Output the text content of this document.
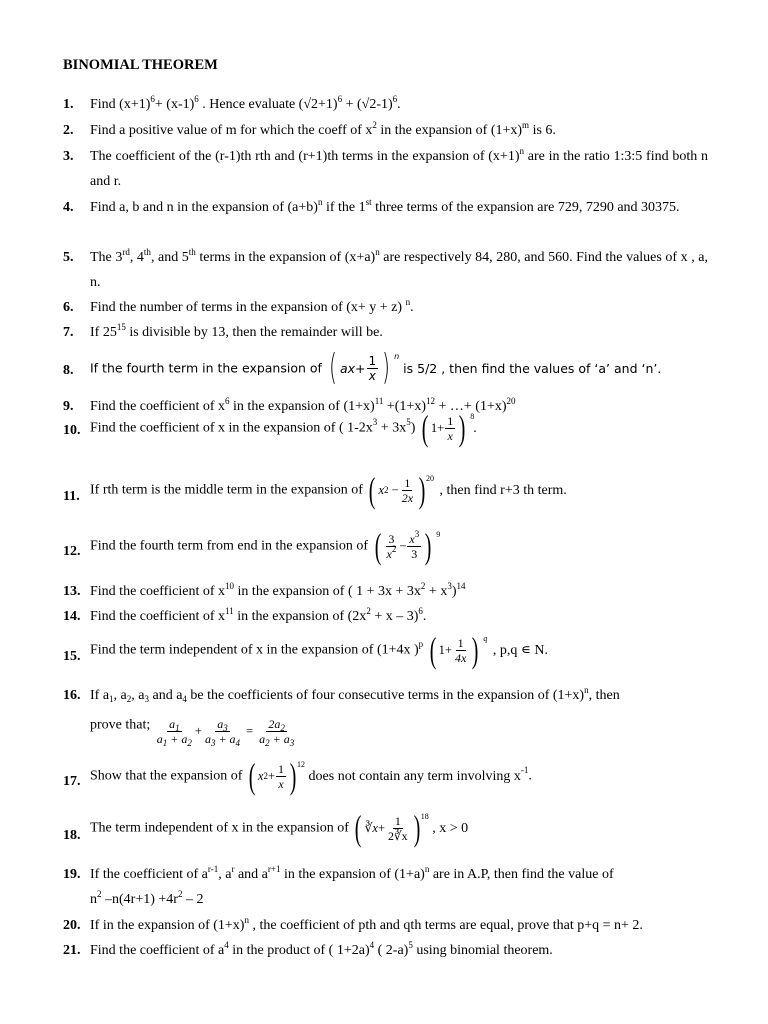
BINOMIAL THEOREM
1. Find $(x+1)^6+ (x-1)^6$ . Hence evaluate $(√2+1)^6 + (√2-1)^6$.
2. Find a positive value of m for which the coeff of $x^2$ in the expansion of $(1+x)^m$ is 6.
3. The coefficient of the (r-1)th rth and (r+1)th terms in the expansion of $(x+1)^n$ are in the ratio 1:3:5 find both n and r.
4. Find a, b and n in the expansion of $(a+b)^n$ if the 1st three terms of the expansion are 729, 7290 and 30375.
5. The 3rd, 4th, and 5th terms in the expansion of $(x+a)^n$ are respectively 84, 280, and 560. Find the values of x , a, n.
6. Find the number of terms in the expansion of (x+ y + z) $^n$.
7. If $25^{15}$ is divisible by 13, then the remainder will be.
8. If the fourth term in the expansion of ( $ax+ \frac{1}{x}$ ) n
is 5/2 , then find the values of ‘a’ and ‘n’.
9. Find the coefficient of $x^6$ in the expansion of $(1+x)^{11} +(1+x)^{12}$ + …+ $(1+x)^{20}$
10. Find the coefficient of x in the expansion of ( $1-2x^3 + 3x^5$) ( $1+ \frac{1}{x}$ ) 8
.
11. If rth term is the middle term in the expansion of ( x 2
− $\frac{1}{2x}$ ) 20
, then find r+3 th term.
12. Find the fourth term from end in the expansion of ( $\frac{3}{x^2} - \frac{x^3}{3}$ ) 9
13. Find the coefficient of $x^{10}$ in the expansion of ( $1 + 3x + 3x^2 + x^3)^{14}$
14. Find the coefficient of $x^{11}$ in the expansion of $(2x^2 + x - 3)^6$.
15. Find the term independent of x in the expansion of (1+4x )$^p$ ( $1+ \frac{1}{4x}$ ) q
, p,q ∊ N.
16. If $a_1$, $a_2$, $a_3$ and $a_4$ be the coefficients of four consecutive terms in the expansion of $(1+x)^n$, then
prove that; $\frac{a_1}{a_1 + a_2} + \frac{a_3}{a_3 + a_4} = \frac{2a_2}{a_2 + a_3}$
17. Show that the expansion of ( x $2 + \frac{1}{x}$ ) 12
does not contain any term involving $x^{-1}$.
18. The term independent of x in the expansion of ( ∛ $x + \frac{1}{2∛x}$ ) 18
, x > 0
19. If the coefficient of $a^{r-1}$, $a^r$ and $a^{r+1}$ in the expansion of $(1+a)^n$ are in A.P, then find the value of
$n^2$ $-n(4r+1) +4r^2 - 2$
20. If in the expansion of $(1+x)^n$ , the coefficient of pth and qth terms are equal, prove that p+q = n+ 2.
21. Find the coefficient of $a^4$ in the product of ( 1+2a)$^4$ ( 2-a)$^5$ using binomial theorem.
